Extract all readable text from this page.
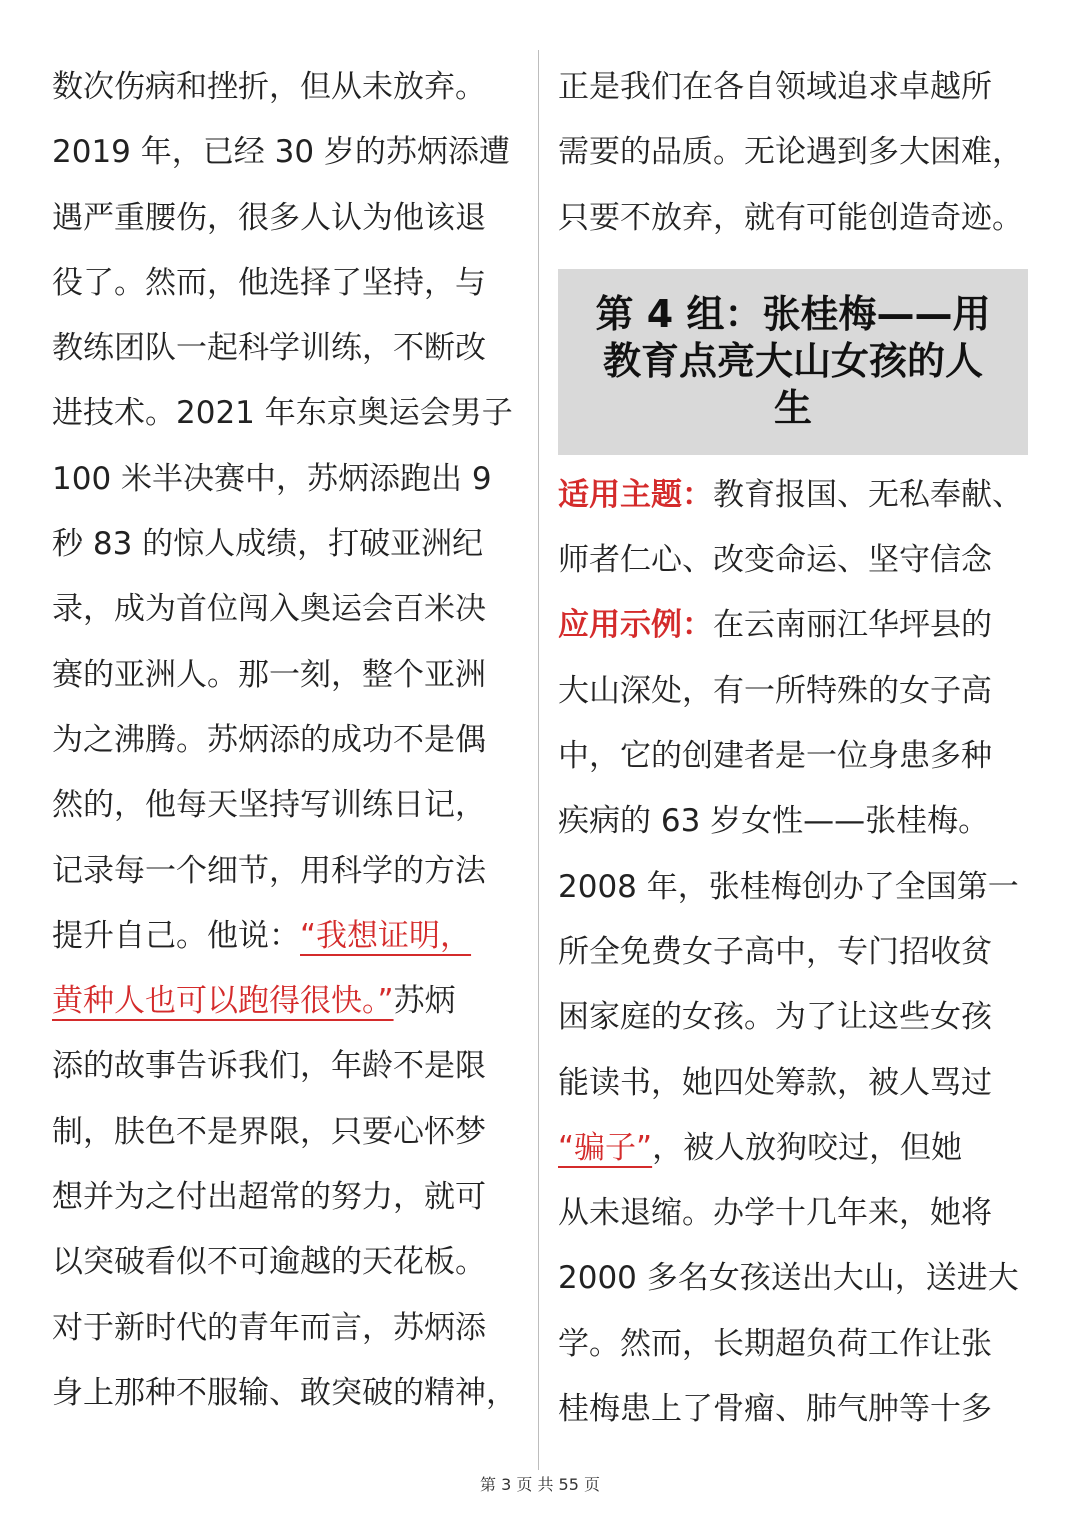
数次伤病和挫折，但从未放弃。
2019 年，已经 30 岁的苏炳添遭
遇严重腰伤，很多人认为他该退
役了。然而，他选择了坚持，与
教练团队一起科学训练，不断改
进技术。2021 年东京奥运会男子
100 米半决赛中，苏炳添跑出 9
秒 83 的惊人成绩，打破亚洲纪
录，成为首位闯入奥运会百米决
赛的亚洲人。那一刻，整个亚洲
为之沸腾。苏炳添的成功不是偶
然的，他每天坚持写训练日记，
记录每一个细节，用科学的方法
提升自己。他说：“我想证明，
黄种人也可以跑得很快。”苏炳
添的故事告诉我们，年龄不是限
制，肤色不是界限，只要心怀梦
想并为之付出超常的努力，就可
以突破看似不可逾越的天花板。
对于新时代的青年而言，苏炳添
身上那种不服输、敢突破的精神，
正是我们在各自领域追求卓越所
需要的品质。无论遇到多大困难，
只要不放弃，就有可能创造奇迹。
第 4 组：张桂梅——用
教育点亮大山女孩的人
生
适用主题：教育报国、无私奉献、
师者仁心、改变命运、坚守信念
应用示例：在云南丽江华坪县的
大山深处，有一所特殊的女子高
中，它的创建者是一位身患多种
疾病的 63 岁女性——张桂梅。
2008 年，张桂梅创办了全国第一
所全免费女子高中，专门招收贫
困家庭的女孩。为了让这些女孩
能读书，她四处筹款，被人骂过
“骗子”，被人放狗咬过，但她
从未退缩。办学十几年来，她将
2000 多名女孩送出大山，送进大
学。然而，长期超负荷工作让张
桂梅患上了骨瘤、肺气肿等十多
第 3 页 共 55 页
